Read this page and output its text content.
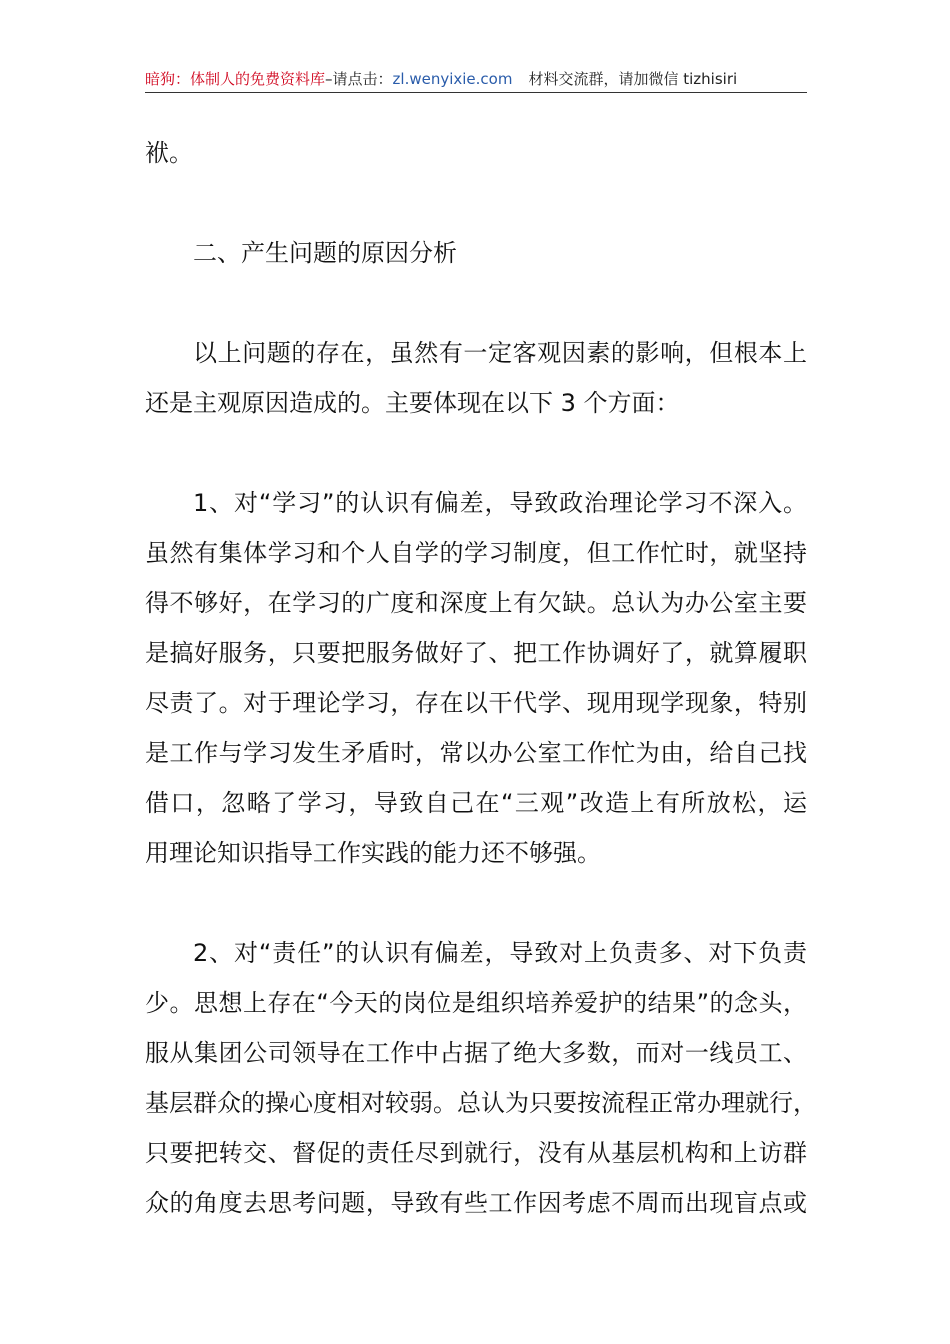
暗狗：体制人的免费资料库–请点击：zl.wenyixie.com 材料交流群，请加微信 tizhisiri
袱。
二、产生问题的原因分析
以上问题的存在，虽然有一定客观因素的影响，但根本上
还是主观原因造成的。主要体现在以下 3 个方面：
1、对“学习”的认识有偏差，导致政治理论学习不深入。
虽然有集体学习和个人自学的学习制度，但工作忙时，就坚持
得不够好，在学习的广度和深度上有欠缺。总认为办公室主要
是搞好服务，只要把服务做好了、把工作协调好了，就算履职
尽责了。对于理论学习，存在以干代学、现用现学现象，特别
是工作与学习发生矛盾时，常以办公室工作忙为由，给自己找
借口，忽略了学习，导致自己在“三观”改造上有所放松，运
用理论知识指导工作实践的能力还不够强。
2、对“责任”的认识有偏差，导致对上负责多、对下负责
少。思想上存在“今天的岗位是组织培养爱护的结果”的念头，
服从集团公司领导在工作中占据了绝大多数，而对一线员工、
基层群众的操心度相对较弱。总认为只要按流程正常办理就行，
只要把转交、督促的责任尽到就行，没有从基层机构和上访群
众的角度去思考问题，导致有些工作因考虑不周而出现盲点或
